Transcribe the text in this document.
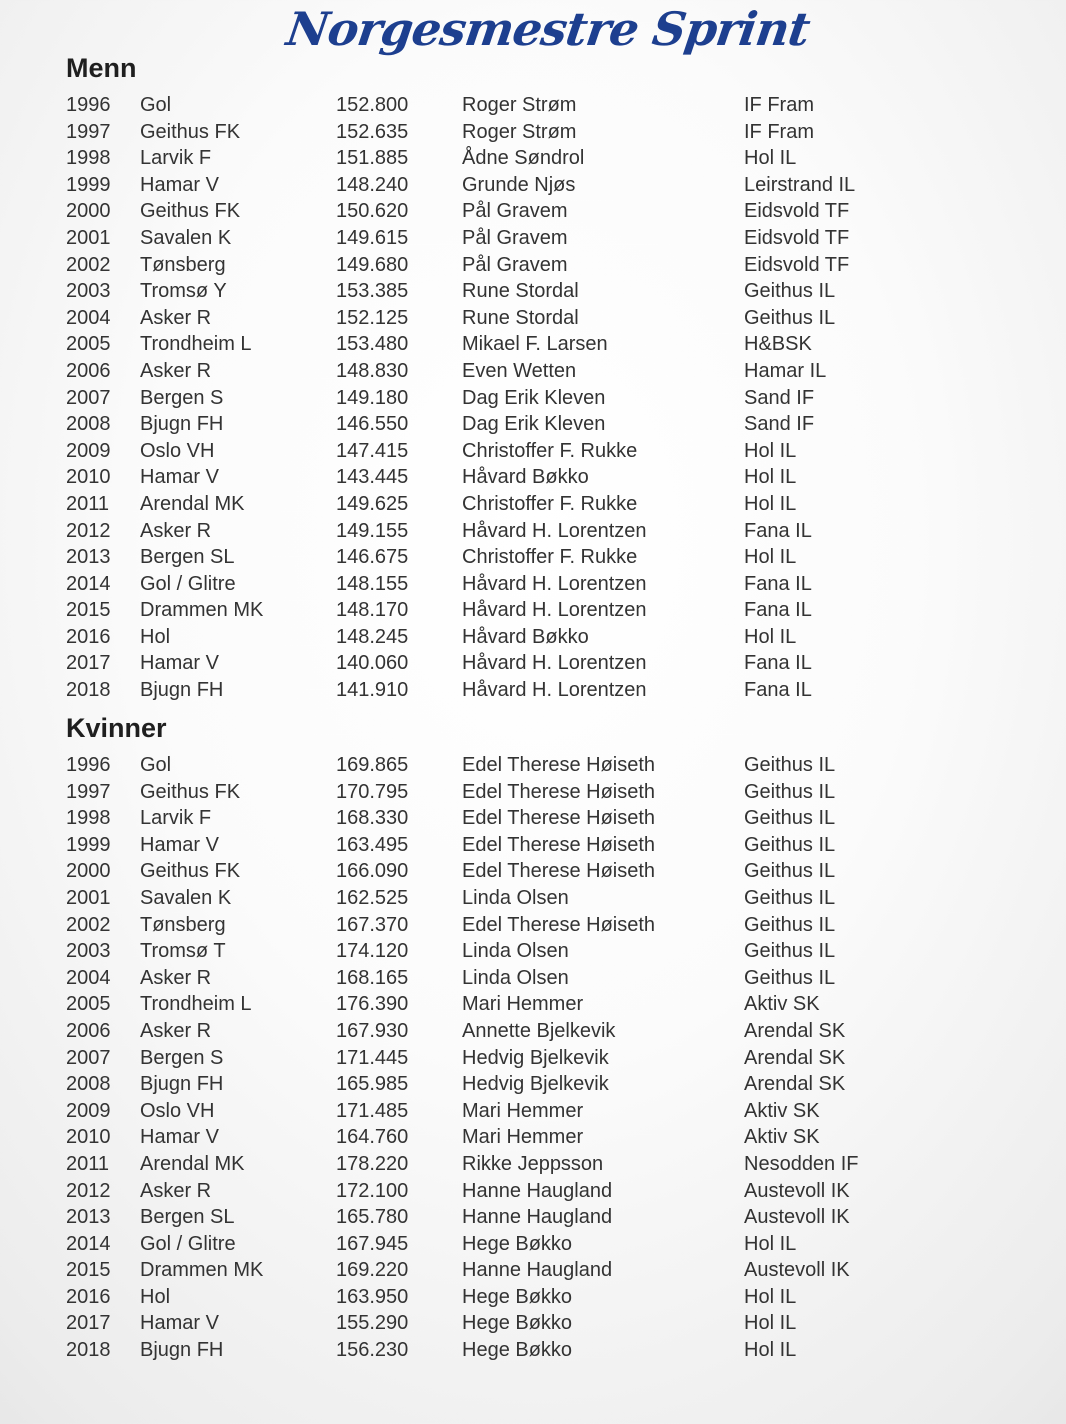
Norgesmestre Sprint
Menn
1996 Gol	152.800	Roger Strøm	IF Fram
1997 Geithus FK	152.635	Roger Strøm	IF Fram
1998 Larvik F	151.885	Ådne Søndrol	Hol IL
1999 Hamar V	148.240	Grunde Njøs	Leirstrand IL
2000 Geithus FK	150.620	Pål Gravem	Eidsvold TF
2001 Savalen K	149.615	Pål Gravem	Eidsvold TF
2002 Tønsberg	149.680	Pål Gravem	Eidsvold TF
2003 Tromsø Y	153.385	Rune Stordal	Geithus IL
2004 Asker R	152.125	Rune Stordal	Geithus IL
2005 Trondheim L	153.480	Mikael F. Larsen	H&BSK
2006 Asker R	148.830	Even Wetten	Hamar IL
2007 Bergen S	149.180	Dag Erik Kleven	Sand IF
2008 Bjugn FH	146.550	Dag Erik Kleven	Sand IF
2009 Oslo VH	147.415	Christoffer F. Rukke	Hol IL
2010 Hamar V	143.445	Håvard Bøkko	Hol IL
2011 Arendal MK	149.625	Christoffer F. Rukke	Hol IL
2012 Asker R	149.155	Håvard H. Lorentzen	Fana IL
2013 Bergen SL	146.675	Christoffer F. Rukke	Hol IL
2014 Gol / Glitre	148.155	Håvard H. Lorentzen	Fana IL
2015 Drammen MK	148.170	Håvard H. Lorentzen	Fana IL
2016 Hol	148.245	Håvard Bøkko	Hol IL
2017 Hamar V	140.060	Håvard H. Lorentzen	Fana IL
2018 Bjugn FH	141.910	Håvard H. Lorentzen	Fana IL
Kvinner
1996 Gol	169.865	Edel Therese Høiseth	Geithus IL
1997 Geithus FK	170.795	Edel Therese Høiseth	Geithus IL
1998 Larvik F	168.330	Edel Therese Høiseth	Geithus IL
1999 Hamar V	163.495	Edel Therese Høiseth	Geithus IL
2000 Geithus FK	166.090	Edel Therese Høiseth	Geithus IL
2001 Savalen K	162.525	Linda Olsen	Geithus IL
2002 Tønsberg	167.370	Edel Therese Høiseth	Geithus IL
2003 Tromsø T	174.120	Linda Olsen	Geithus IL
2004 Asker R	168.165	Linda Olsen	Geithus IL
2005 Trondheim L	176.390	Mari Hemmer	Aktiv SK
2006 Asker R	167.930	Annette Bjelkevik	Arendal SK
2007 Bergen S	171.445	Hedvig Bjelkevik	Arendal SK
2008 Bjugn FH	165.985	Hedvig Bjelkevik	Arendal SK
2009 Oslo VH	171.485	Mari Hemmer	Aktiv SK
2010 Hamar V	164.760	Mari Hemmer	Aktiv SK
2011 Arendal MK	178.220	Rikke Jeppsson	Nesodden IF
2012 Asker R	172.100	Hanne Haugland	Austevoll IK
2013 Bergen SL	165.780	Hanne Haugland	Austevoll IK
2014 Gol / Glitre	167.945	Hege Bøkko	Hol IL
2015 Drammen MK	169.220	Hanne Haugland	Austevoll IK
2016 Hol	163.950	Hege Bøkko	Hol IL
2017 Hamar V	155.290	Hege Bøkko	Hol IL
2018 Bjugn FH	156.230	Hege Bøkko	Hol IL
